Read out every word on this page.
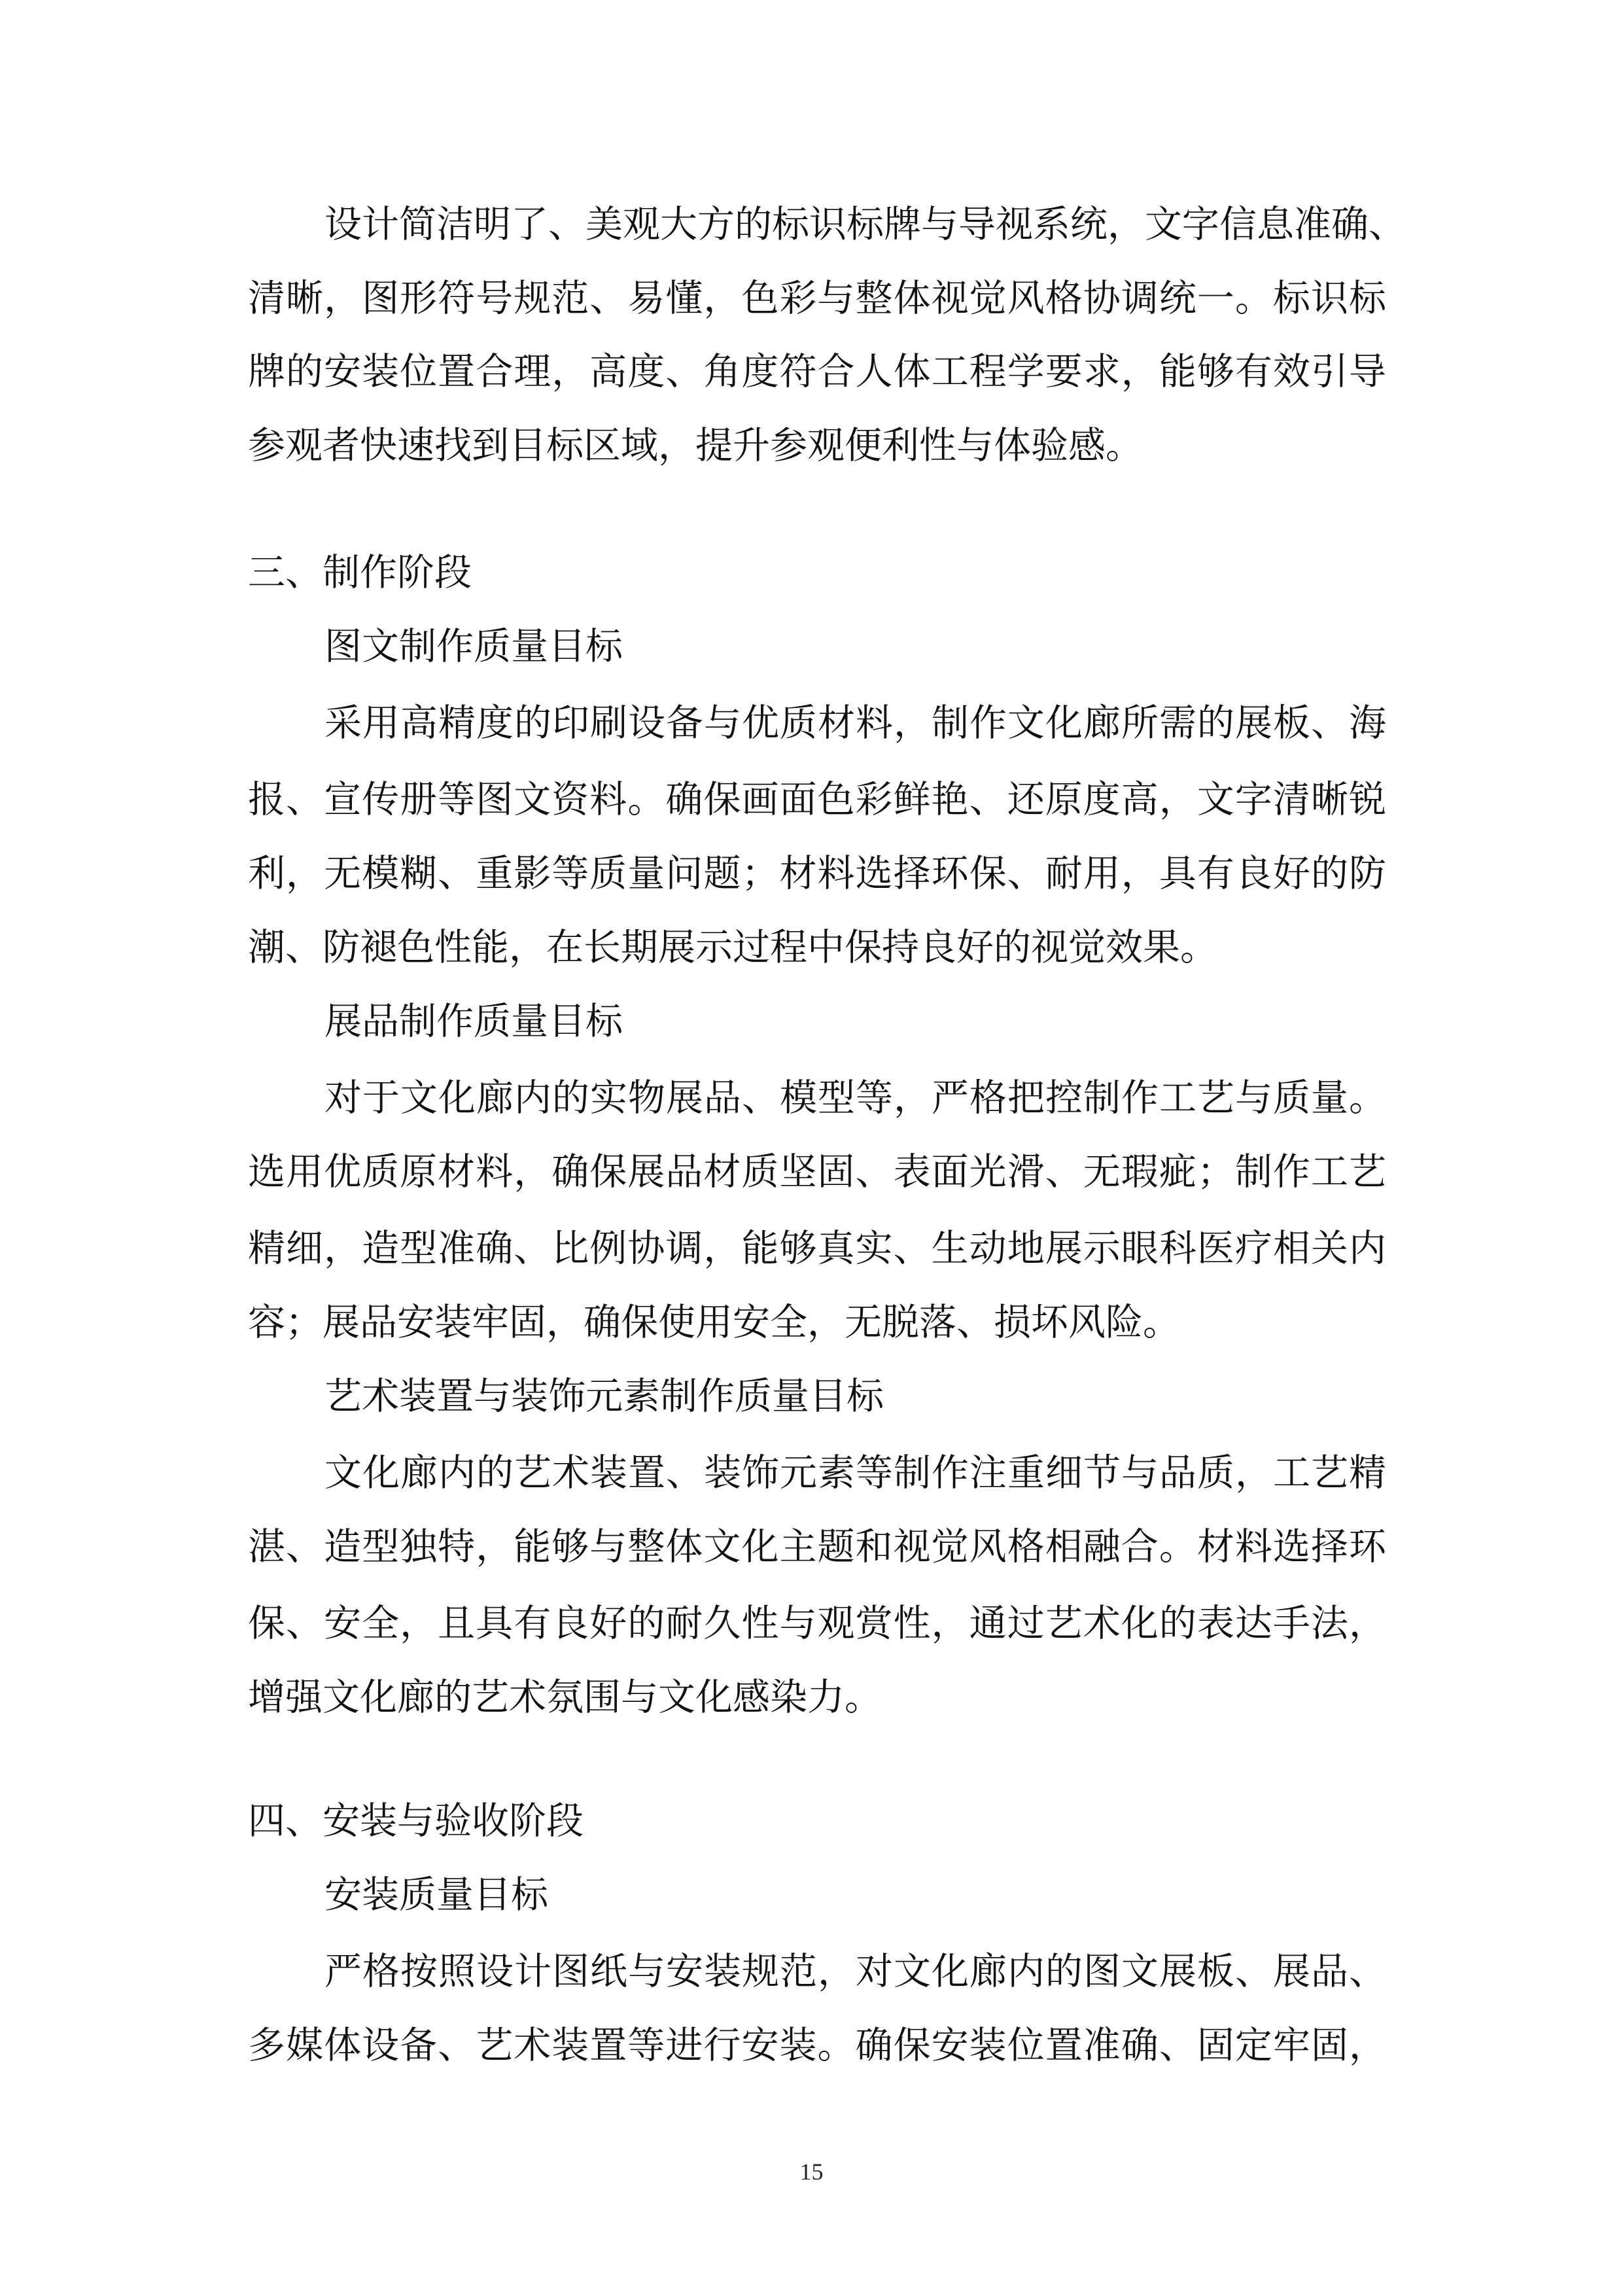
设计简洁明了、美观大方的标识标牌与导视系统，文字信息准确、
清晰，图形符号规范、易懂，色彩与整体视觉风格协调统一。标识标
牌的安装位置合理，高度、角度符合人体工程学要求，能够有效引导
参观者快速找到目标区域，提升参观便利性与体验感。
三、制作阶段
图文制作质量目标
采用高精度的印刷设备与优质材料，制作文化廊所需的展板、海
报、宣传册等图文资料。确保画面色彩鲜艳、还原度高，文字清晰锐
利，无模糊、重影等质量问题；材料选择环保、耐用，具有良好的防
潮、防褪色性能，在长期展示过程中保持良好的视觉效果。
展品制作质量目标
对于文化廊内的实物展品、模型等，严格把控制作工艺与质量。
选用优质原材料，确保展品材质坚固、表面光滑、无瑕疵；制作工艺
精细，造型准确、比例协调，能够真实、生动地展示眼科医疗相关内
容；展品安装牢固，确保使用安全，无脱落、损坏风险。
艺术装置与装饰元素制作质量目标
文化廊内的艺术装置、装饰元素等制作注重细节与品质，工艺精
湛、造型独特，能够与整体文化主题和视觉风格相融合。材料选择环
保、安全，且具有良好的耐久性与观赏性，通过艺术化的表达手法，
增强文化廊的艺术氛围与文化感染力。
四、安装与验收阶段
安装质量目标
严格按照设计图纸与安装规范，对文化廊内的图文展板、展品、
多媒体设备、艺术装置等进行安装。确保安装位置准确、固定牢固，
15
